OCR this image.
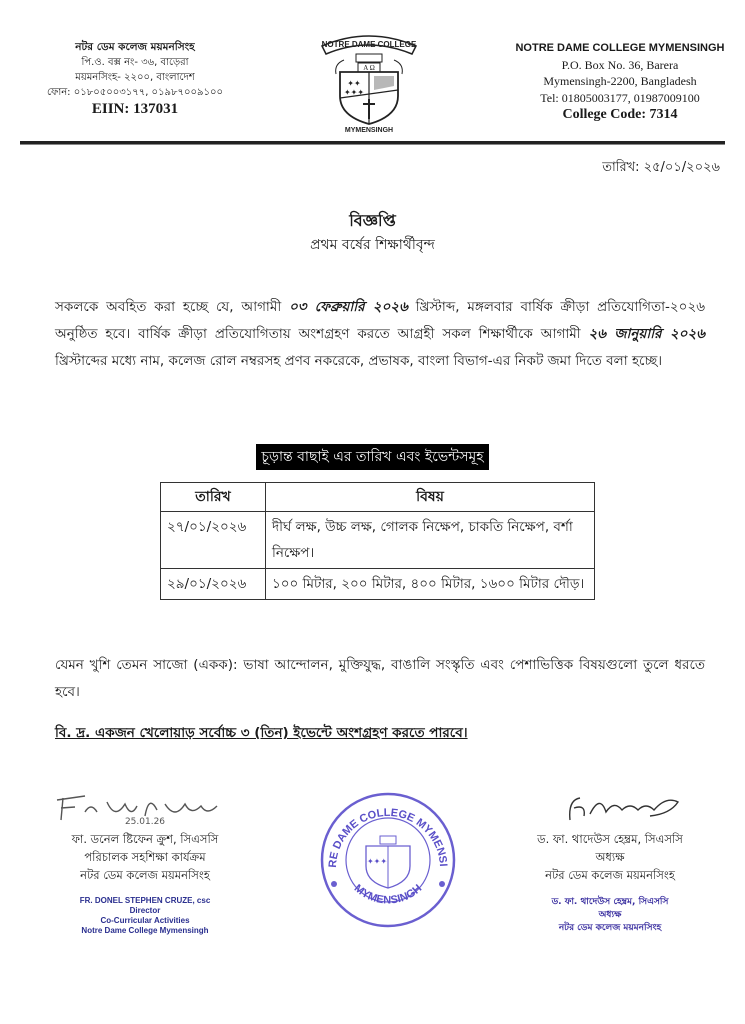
নটর ডেম কলেজ ময়মনসিংহ
পি.ও. বক্স নং- ৩৬, বাড়েরা
ময়মনসিংহ- ২২০০, বাংলাদেশ
ফোন: ০১৮০৫০০৩১৭৭, ০১৯৮৭০০৯১০০
EIIN: 137031
NOTRE DAME COLLEGE
A Ω
✦✦
✦✦✦
MYMENSINGH
NOTRE DAME COLLEGE MYMENSINGH
P.O. Box No. 36, Barera
Mymensingh-2200, Bangladesh
Tel: 01805003177, 01987009100
College Code: 7314
তারিখ: ২৫/০১/২০২৬
বিজ্ঞপ্তি
প্রথম বর্ষের শিক্ষার্থীবৃন্দ
সকলকে অবহিত করা হচ্ছে যে, আগামী ০৩ ফেব্রুয়ারি ২০২৬ খ্রিস্টাব্দ, মঙ্গলবার বার্ষিক ক্রীড়া প্রতিযোগিতা-২০২৬ অনুষ্ঠিত হবে। বার্ষিক ক্রীড়া প্রতিযোগিতায় অংশগ্রহণ করতে আগ্রহী সকল শিক্ষার্থীকে আগামী ২৬ জানুয়ারি ২০২৬ খ্রিস্টাব্দের মধ্যে নাম, কলেজ রোল নম্বরসহ প্রণব নকরেকে, প্রভাষক, বাংলা বিভাগ-এর নিকট জমা দিতে বলা হচ্ছে।
চূড়ান্ত বাছাই এর তারিখ এবং ইভেন্টসমূহ
তারিখ	বিষয়
২৭/০১/২০২৬	দীর্ঘ লক্ষ, উচ্চ লক্ষ, গোলক নিক্ষেপ, চাকতি নিক্ষেপ, বর্শা নিক্ষেপ।
২৯/০১/২০২৬	১০০ মিটার, ২০০ মিটার, ৪০০ মিটার, ১৬০০ মিটার দৌড়।
যেমন খুশি তেমন সাজো (একক): ভাষা আন্দোলন, মুক্তিযুদ্ধ, বাঙালি সংস্কৃতি এবং পেশাভিত্তিক বিষয়গুলো তুলে ধরতে হবে।
বি. দ্র. একজন খেলোয়াড় সর্বোচ্চ ৩ (তিন) ইভেন্টে অংশগ্রহণ করতে পারবে।
25.01.26
ফা. ডনেল ষ্টিফেন ক্রুশ, সিএসসি
পরিচালক সহশিক্ষা কার্যক্রম
নটর ডেম কলেজ ময়মনসিংহ
FR. DONEL STEPHEN CRUZE, csc
Director
Co-Curricular Activities
Notre Dame College Mymensingh
RE DAME COLLEGE MYMENSI
MYMENSINGH
✦✦✦
ড. ফা. থাদেউস হেম্ব্রম, সিএসসি
অধ্যক্ষ
নটর ডেম কলেজ ময়মনসিংহ
ড. ফা. থাদেউস হেম্ব্রম, সিএসসি
অধ্যক্ষ
নটর ডেম কলেজ ময়মনসিংহ
